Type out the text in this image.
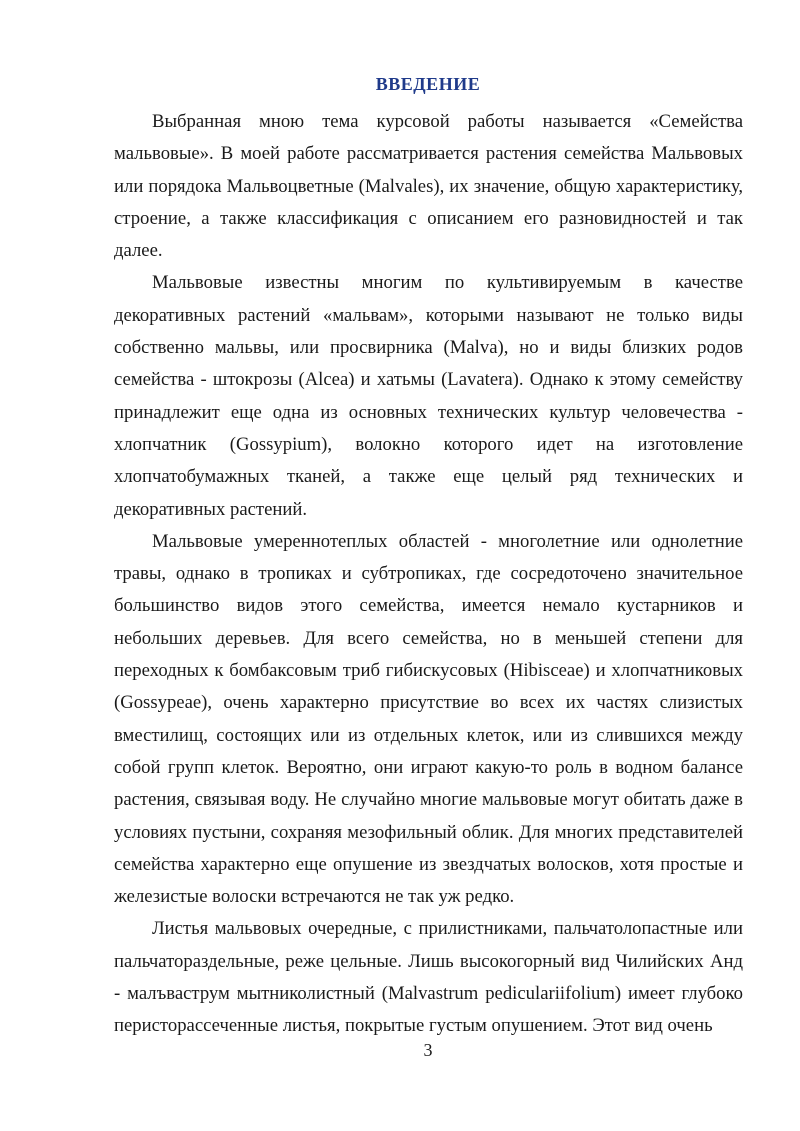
ВВЕДЕНИЕ

Выбранная мною тема курсовой работы называется «Семейства мальвовые». В моей работе рассматривается растения семейства Мальвовых или порядока Мальвоцветные (Malvales), их значение, общую характеристику, строение, а также классификация с описанием его разновидностей и так далее.

Мальвовые известны многим по культивируемым в качестве декоративных растений «мальвам», которыми называют не только виды собственно мальвы, или просвирника (Malva), но и виды близких родов семейства - штокрозы (Alcea) и хатьмы (Lavatera). Однако к этому семейству принадлежит еще одна из основных технических культур человечества - хлопчатник (Gossypium), волокно которого идет на изготовление хлопчатобумажных тканей, а также еще целый ряд технических и декоративных растений.

Мальвовые умереннотеплых областей - многолетние или однолетние травы, однако в тропиках и субтропиках, где сосредоточено значительное большинство видов этого семейства, имеется немало кустарников и небольших деревьев. Для всего семейства, но в меньшей степени для переходных к бомбаксовым триб гибискусовых (Hibisceae) и хлопчатниковых (Gossypeae), очень характерно присутствие во всех их частях слизистых вместилищ, состоящих или из отдельных клеток, или из слившихся между собой групп клеток. Вероятно, они играют какую-то роль в водном балансе растения, связывая воду. Не случайно многие мальвовые могут обитать даже в условиях пустыни, сохраняя мезофильный облик. Для многих представителей семейства характерно еще опушение из звездчатых волосков, хотя простые и железистые волоски встречаются не так уж редко.

Листья мальвовых очередные, с прилистниками, пальчатолопастные или пальчатораздельные, реже цельные. Лишь высокогорный вид Чилийских Анд - малъваструм мытниколистный (Malvastrum pediculariifolium) имеет глубоко перисторассеченные листья, покрытые густым опушением. Этот вид очень

3
